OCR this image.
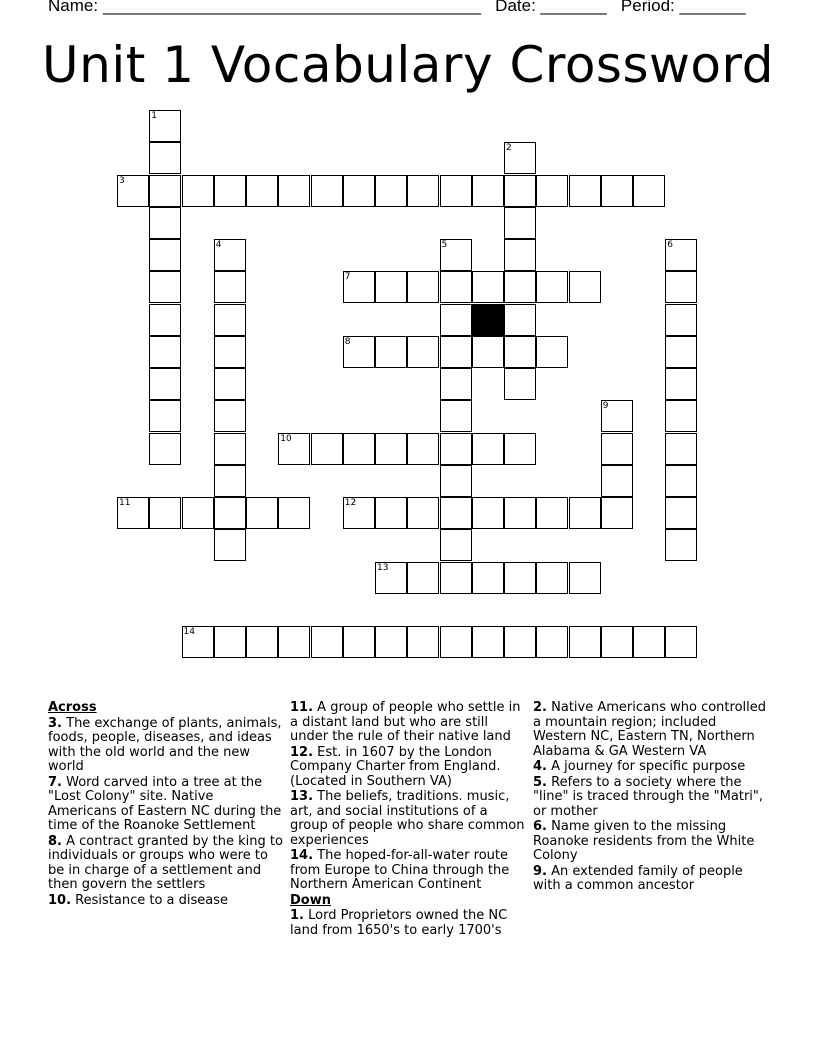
Name: ________________________________________ Date: _______ Period: _______
Unit 1 Vocabulary Crossword
3
7
8
10
11	12
13
14
1
2
4	5	6
9
Across
3. The exchange of plants, animals, foods, people, diseases, and ideas with the old world and the new world
7. Word carved into a tree at the "Lost Colony" site. Native Americans of Eastern NC during the time of the Roanoke Settlement
8. A contract granted by the king to individuals or groups who were to be in charge of a settlement and then govern the settlers
10. Resistance to a disease
11. A group of people who settle in a distant land but who are still under the rule of their native land
12. Est. in 1607 by the London Company Charter from England. (Located in Southern VA)
13. The beliefs, traditions. music, art, and social institutions of a group of people who share common experiences
14. The hoped-for-all-water route from Europe to China through the Northern American Continent
Down
1. Lord Proprietors owned the NC land from 1650's to early 1700's
2. Native Americans who controlled a mountain region; included Western NC, Eastern TN, Northern Alabama & GA Western VA
4. A journey for specific purpose
5. Refers to a society where the "line" is traced through the "Matri", or mother
6. Name given to the missing Roanoke residents from the White Colony
9. An extended family of people with a common ancestor
